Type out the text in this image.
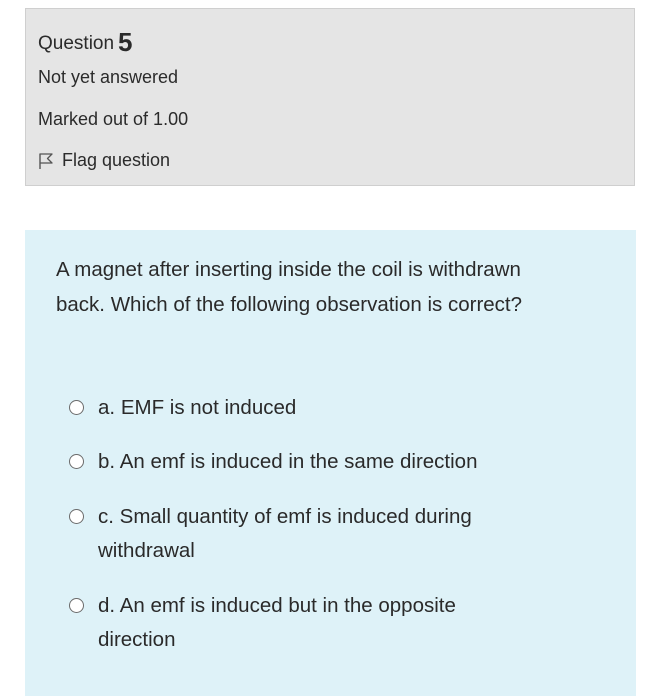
Question 5
Not yet answered
Marked out of 1.00
Flag question
A magnet after inserting inside the coil is withdrawn back. Which of the following observation is correct?
a. EMF is not induced
b. An emf is induced in the same direction
c. Small quantity of emf is induced during withdrawal
d. An emf is induced but in the opposite direction
